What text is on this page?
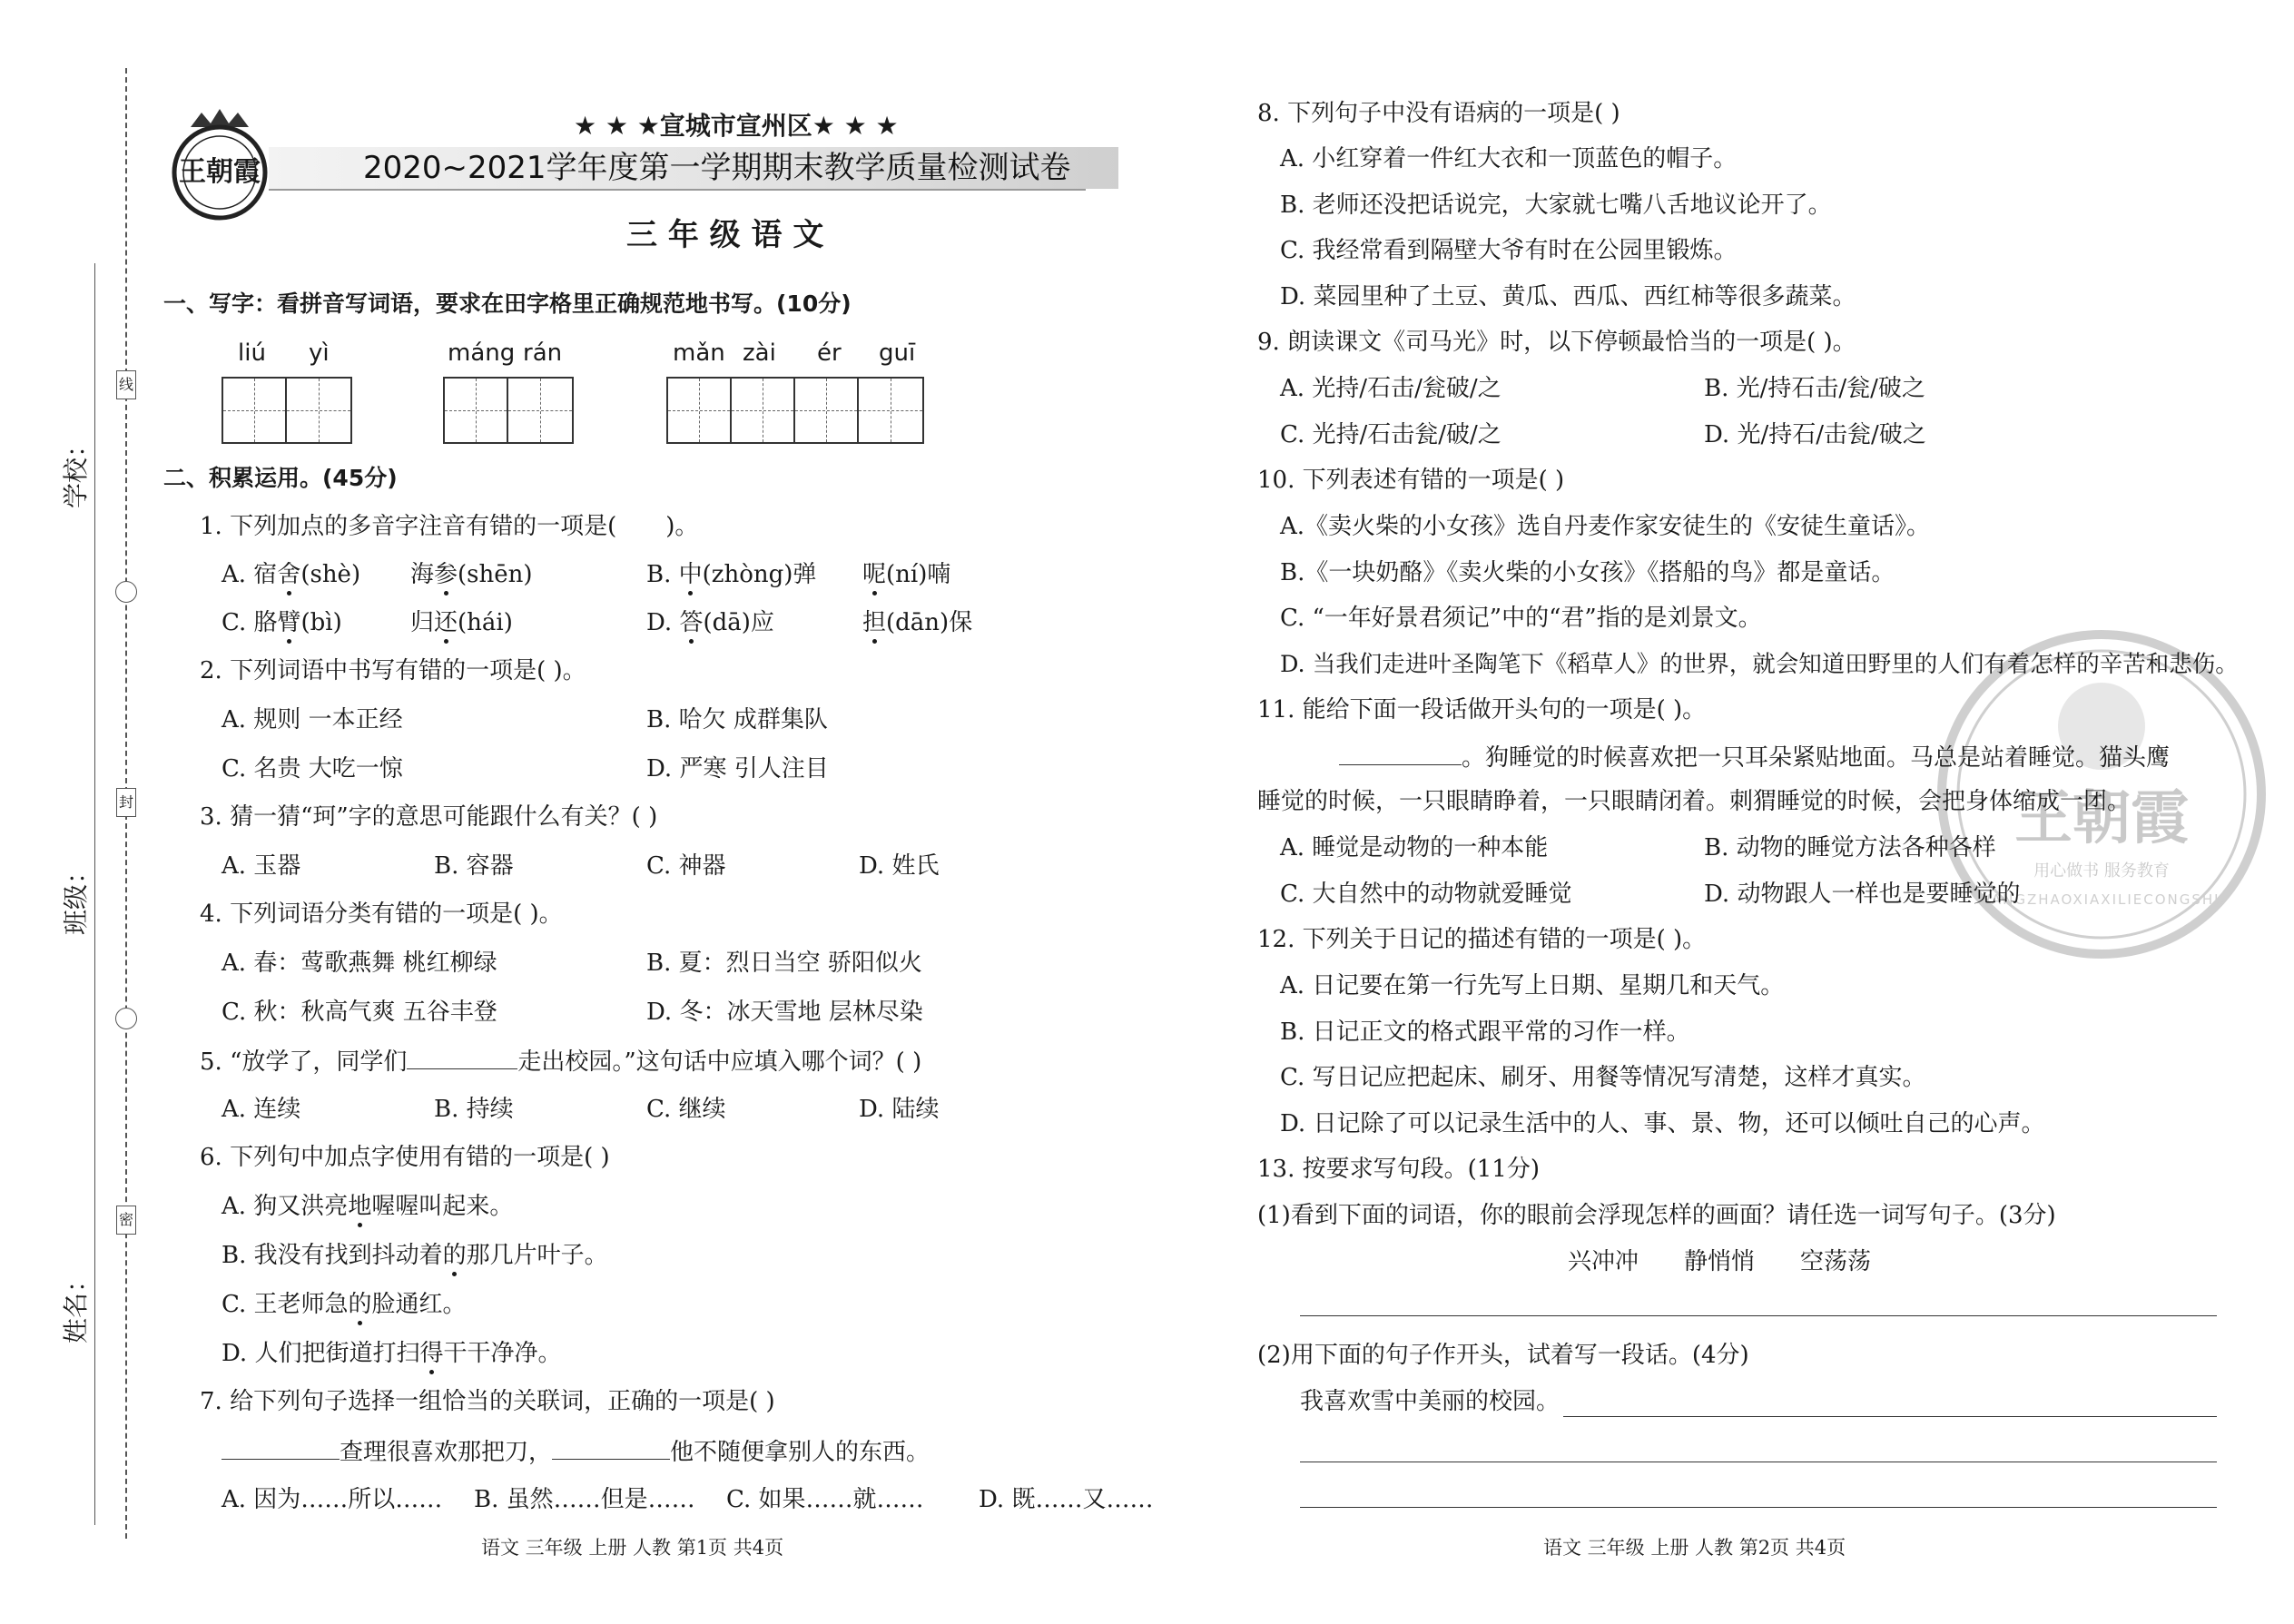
线
封
密
学校：
班级：
姓名：
王朝霞
★ ★ ★宣城市宣州区★ ★ ★
2020~2021学年度第一学期期末教学质量检测试卷
三 年 级 语 文
一、写字：看拼音写词语，要求在田字格里正确规范地书写。(10分)
liú yì	máng rán	mǎn zài ér guī
二、积累运用。(45分)
1. 下列加点的多音字注音有错的一项是( )。
A. 宿舍(shè) 海参(shēn)	B. 中(zhòng)弹 呢(ní)喃
C. 胳臂(bì)	归还(hái)	D. 答(dā)应	担(dān)保
2. 下列词语中书写有错的一项是( )。
A. 规则 一本正经	B. 哈欠 成群集队
C. 名贵 大吃一惊	D. 严寒 引人注目
3. 猜一猜“珂”字的意思可能跟什么有关？( )
A. 玉器	B. 容器	C. 神器	D. 姓氏
4. 下列词语分类有错的一项是( )。
A. 春：莺歌燕舞 桃红柳绿	B. 夏：烈日当空 骄阳似火
C. 秋：秋高气爽 五谷丰登	D. 冬：冰天雪地 层林尽染
5. “放学了，同学们	走出校园。”这句话中应填入哪个词？( )
A. 连续	B. 持续	C. 继续	D. 陆续
6. 下列句中加点字使用有错的一项是( )
A. 狗又洪亮地喔喔叫起来。
B. 我没有找到抖动着的那几片叶子。
C. 王老师急的脸通红。
D. 人们把街道打扫得干干净净。
7. 给下列句子选择一组恰当的关联词，正确的一项是( )
查理很喜欢那把刀，	他不随便拿别人的东西。
A. 因为……所以…… B. 虽然……但是…… C. 如果……就…… D. 既……又……
语文 三年级 上册 人教 第1页 共4页
王朝霞
用心做书 服务教育
WANGZHAOXIAXILIECONGSHU
8. 下列句子中没有语病的一项是( )
A. 小红穿着一件红大衣和一顶蓝色的帽子。
B. 老师还没把话说完，大家就七嘴八舌地议论开了。
C. 我经常看到隔壁大爷有时在公园里锻炼。
D. 菜园里种了土豆、黄瓜、西瓜、西红柿等很多蔬菜。
9. 朗读课文《司马光》时，以下停顿最恰当的一项是( )。
A. 光持/石击/瓮破/之	B. 光/持石击/瓮/破之
C. 光持/石击瓮/破/之	D. 光/持石/击瓮/破之
10. 下列表述有错的一项是( )
A.《卖火柴的小女孩》选自丹麦作家安徒生的《安徒生童话》。
B.《一块奶酪》《卖火柴的小女孩》《搭船的鸟》都是童话。
C. “一年好景君须记”中的“君”指的是刘景文。
D. 当我们走进叶圣陶笔下《稻草人》的世界，就会知道田野里的人们有着怎样的辛苦和悲伤。
11. 能给下面一段话做开头句的一项是( )。
。狗睡觉的时候喜欢把一只耳朵紧贴地面。马总是站着睡觉。猫头鹰
睡觉的时候，一只眼睛睁着，一只眼睛闭着。刺猬睡觉的时候，会把身体缩成一团。
A. 睡觉是动物的一种本能	B. 动物的睡觉方法各种各样
C. 大自然中的动物就爱睡觉	D. 动物跟人一样也是要睡觉的
12. 下列关于日记的描述有错的一项是( )。
A. 日记要在第一行先写上日期、星期几和天气。
B. 日记正文的格式跟平常的习作一样。
C. 写日记应把起床、刷牙、用餐等情况写清楚，这样才真实。
D. 日记除了可以记录生活中的人、事、景、物，还可以倾吐自己的心声。
13. 按要求写句段。(11分)
(1)看到下面的词语，你的眼前会浮现怎样的画面？请任选一词写句子。(3分)
兴冲冲 静悄悄 空荡荡
(2)用下面的句子作开头，试着写一段话。(4分)
我喜欢雪中美丽的校园。
语文 三年级 上册 人教 第2页 共4页
